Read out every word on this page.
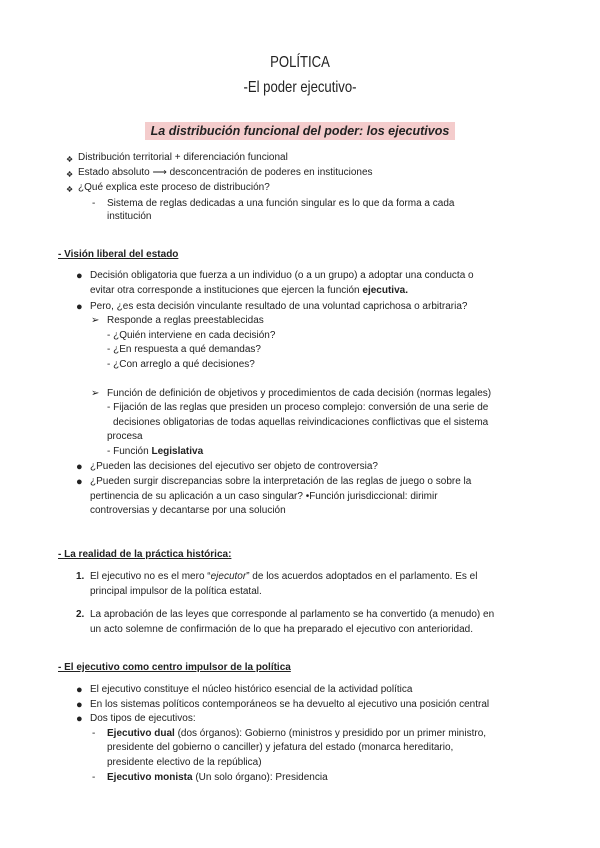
POLÍTICA
-El poder ejecutivo-
La distribución funcional del poder: los ejecutivos
❖ Distribución territorial + diferenciación funcional
❖ Estado absoluto ⟶ desconcentración de poderes en instituciones
❖ ¿Qué explica este proceso de distribución?
- Sistema de reglas dedicadas a una función singular es lo que da forma a cada
institución
- Visión liberal del estado
● Decisión obligatoria que fuerza a un individuo (o a un grupo) a adoptar una conducta o
evitar otra corresponde a instituciones que ejercen la función ejecutiva.
● Pero, ¿es esta decisión vinculante resultado de una voluntad caprichosa o arbitraria?
➢ Responde a reglas preestablecidas
- ¿Quién interviene en cada decisión?
- ¿En respuesta a qué demandas?
- ¿Con arreglo a qué decisiones?
➢ Función de definición de objetivos y procedimientos de cada decisión (normas legales)
- Fijación de las reglas que presiden un proceso complejo: conversión de una serie de
decisiones obligatorias de todas aquellas reivindicaciones conflictivas que el sistema
procesa
- Función Legislativa
● ¿Pueden las decisiones del ejecutivo ser objeto de controversia?
● ¿Pueden surgir discrepancias sobre la interpretación de las reglas de juego o sobre la
pertinencia de su aplicación a un caso singular? •Función jurisdiccional: dirimir
controversias y decantarse por una solución
- La realidad de la práctica histórica:
1. El ejecutivo no es el mero “ejecutor” de los acuerdos adoptados en el parlamento. Es el
principal impulsor de la política estatal.
2. La aprobación de las leyes que corresponde al parlamento se ha convertido (a menudo) en
un acto solemne de confirmación de lo que ha preparado el ejecutivo con anterioridad.
- El ejecutivo como centro impulsor de la política
● El ejecutivo constituye el núcleo histórico esencial de la actividad política
● En los sistemas políticos contemporáneos se ha devuelto al ejecutivo una posición central
● Dos tipos de ejecutivos:
- Ejecutivo dual (dos órganos): Gobierno (ministros y presidido por un primer ministro,
presidente del gobierno o canciller) y jefatura del estado (monarca hereditario,
presidente electivo de la república)
- Ejecutivo monista (Un solo órgano): Presidencia
